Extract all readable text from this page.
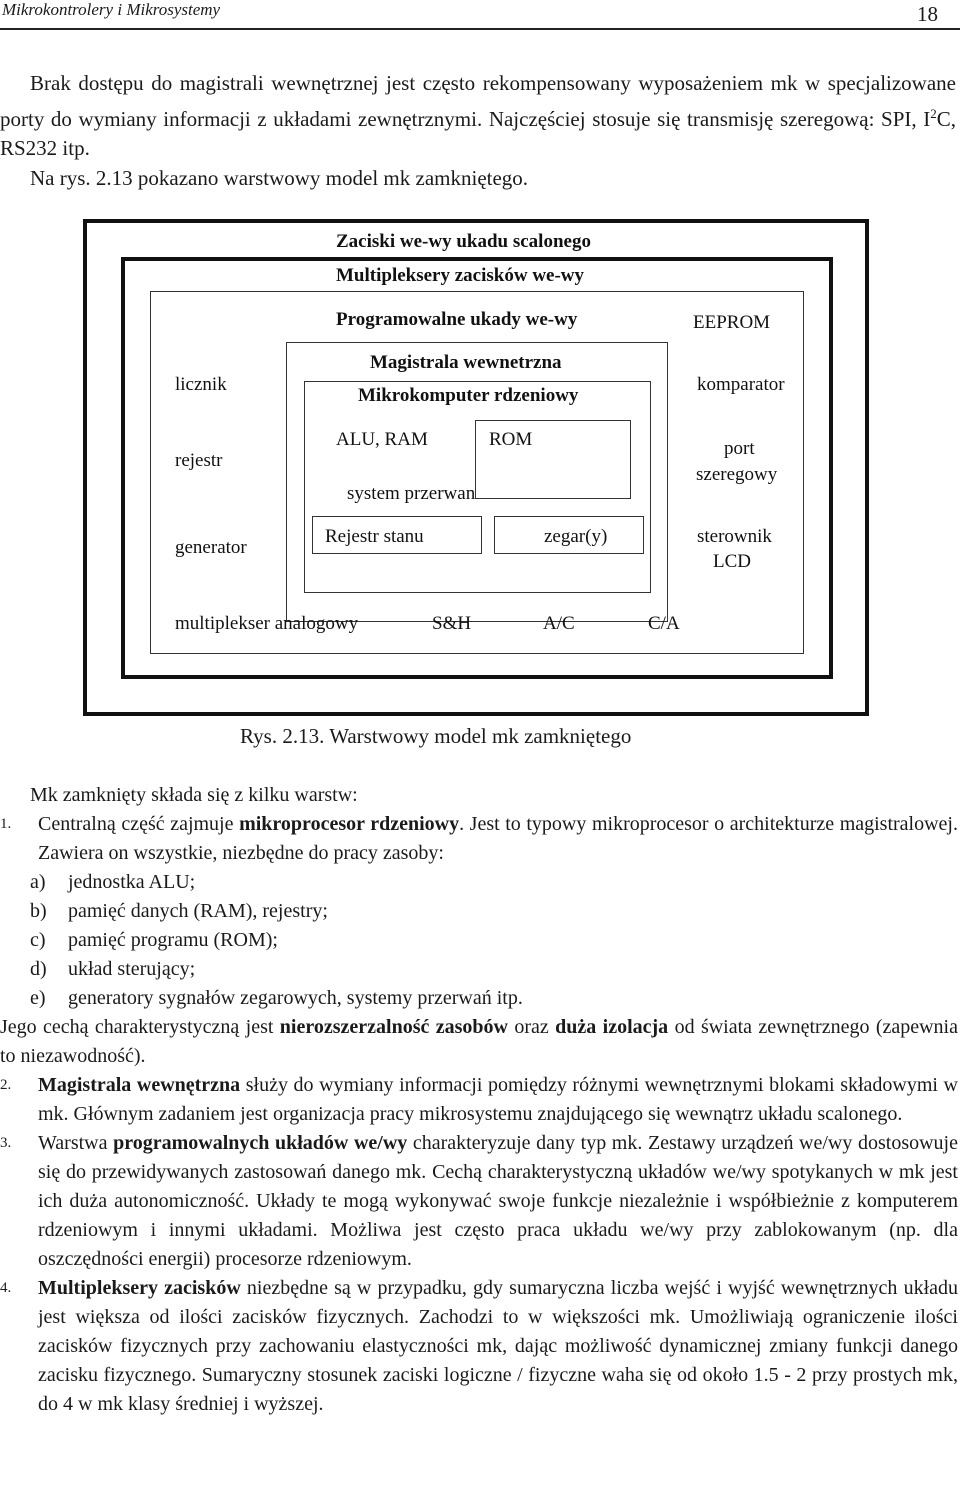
Mikrokontrolery i Mikrosystemy	18

Brak dostępu do magistrali wewnętrznej jest często rekompensowany wyposażeniem mk w specjalizowane porty do wymiany informacji z układami zewnętrznymi. Najczęściej stosuje się transmisję szeregową: SPI, $I^2C$, RS232 itp.

Na rys. 2.13 pokazano warstwowy model mk zamkniętego.

Zaciski we-wy ukadu scalonego
Multipleksery zacisków we-wy
Programowalne ukady we-wy	EEPROM
Magistrala wewnetrzna
Mikrokomputer rdzeniowy
ALU, RAM	ROM
system przerwan
Rejestr stanu	zegar(y)
licznik
rejestr
generator
komparator
port
szeregowy
sterownik
LCD
multiplekser analogowy	S&H	A/C	C/A
Rys. 2.13. Warstwowy model mk zamkniętego
Mk zamknięty składa się z kilku warstw:
1. Centralną część zajmuje mikroprocesor rdzeniowy. Jest to typowy mikroprocesor o architekturze magistralowej. Zawiera on wszystkie, niezbędne do pracy zasoby:
a) jednostka ALU;
b) pamięć danych (RAM), rejestry;
c) pamięć programu (ROM);
d) układ sterujący;
e) generatory sygnałów zegarowych, systemy przerwań itp.
Jego cechą charakterystyczną jest nierozszerzalność zasobów oraz duża izolacja od świata zewnętrznego (zapewnia to niezawodność).
2. Magistrala wewnętrzna służy do wymiany informacji pomiędzy różnymi wewnętrznymi blokami składowymi w mk. Głównym zadaniem jest organizacja pracy mikrosystemu znajdującego się wewnątrz układu scalonego.
3. Warstwa programowalnych układów we/wy charakteryzuje dany typ mk. Zestawy urządzeń we/wy dostosowuje się do przewidywanych zastosowań danego mk. Cechą charakterystyczną układów we/wy spotykanych w mk jest ich duża autonomiczność. Układy te mogą wykonywać swoje funkcje niezależnie i współbieżnie z komputerem rdzeniowym i innymi układami. Możliwa jest często praca układu we/wy przy zablokowanym (np. dla oszczędności energii) procesorze rdzeniowym.
4. Multipleksery zacisków niezbędne są w przypadku, gdy sumaryczna liczba wejść i wyjść wewnętrznych układu jest większa od ilości zacisków fizycznych. Zachodzi to w większości mk. Umożliwiają ograniczenie ilości zacisków fizycznych przy zachowaniu elastyczności mk, dając możliwość dynamicznej zmiany funkcji danego zacisku fizycznego. Sumaryczny stosunek zaciski logiczne / fizyczne waha się od około 1.5 - 2 przy prostych mk, do 4 w mk klasy średniej i wyższej.
